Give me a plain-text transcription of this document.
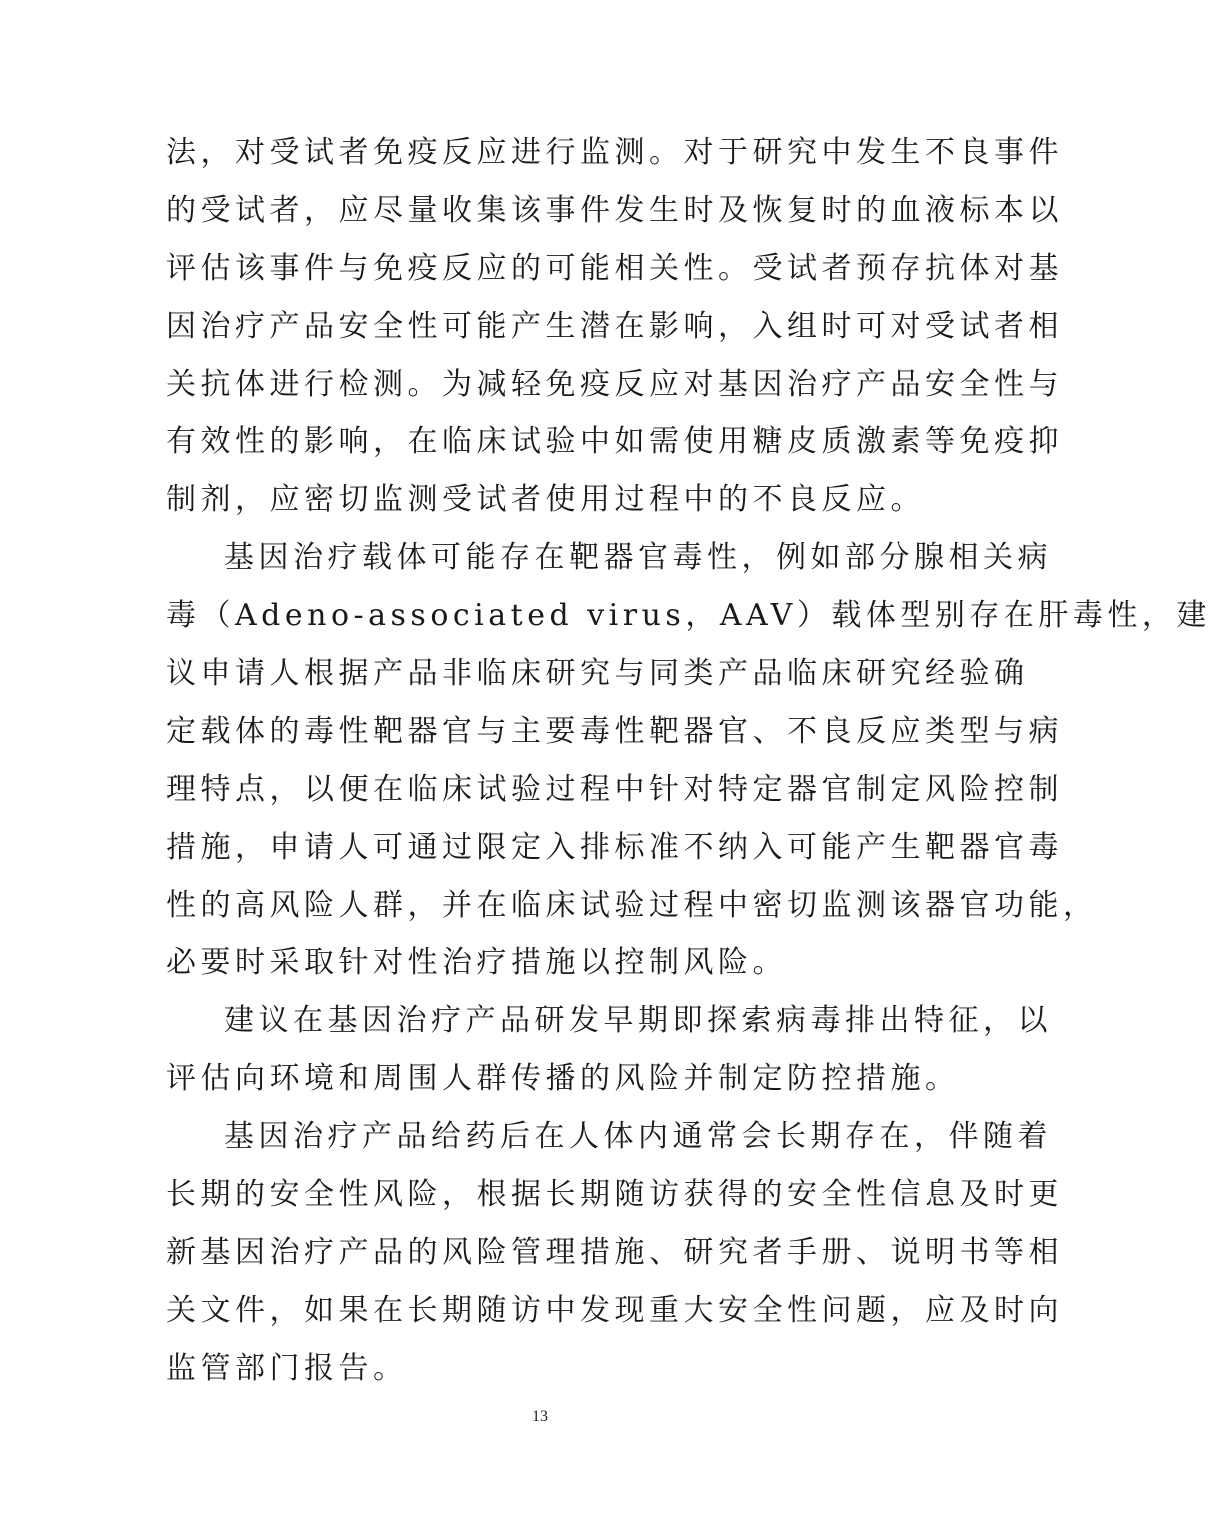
法，对受试者免疫反应进行监测。对于研究中发生不良事件
的受试者，应尽量收集该事件发生时及恢复时的血液标本以
评估该事件与免疫反应的可能相关性。受试者预存抗体对基
因治疗产品安全性可能产生潜在影响，入组时可对受试者相
关抗体进行检测。为减轻免疫反应对基因治疗产品安全性与
有效性的影响，在临床试验中如需使用糖皮质激素等免疫抑
制剂，应密切监测受试者使用过程中的不良反应。
基因治疗载体可能存在靶器官毒性，例如部分腺相关病
毒（Adeno-associated virus，AAV）载体型别存在肝毒性，建
议申请人根据产品非临床研究与同类产品临床研究经验确
定载体的毒性靶器官与主要毒性靶器官、不良反应类型与病
理特点，以便在临床试验过程中针对特定器官制定风险控制
措施，申请人可通过限定入排标准不纳入可能产生靶器官毒
性的高风险人群，并在临床试验过程中密切监测该器官功能，
必要时采取针对性治疗措施以控制风险。
建议在基因治疗产品研发早期即探索病毒排出特征，以
评估向环境和周围人群传播的风险并制定防控措施。
基因治疗产品给药后在人体内通常会长期存在，伴随着
长期的安全性风险，根据长期随访获得的安全性信息及时更
新基因治疗产品的风险管理措施、研究者手册、说明书等相
关文件，如果在长期随访中发现重大安全性问题，应及时向
监管部门报告。
13
